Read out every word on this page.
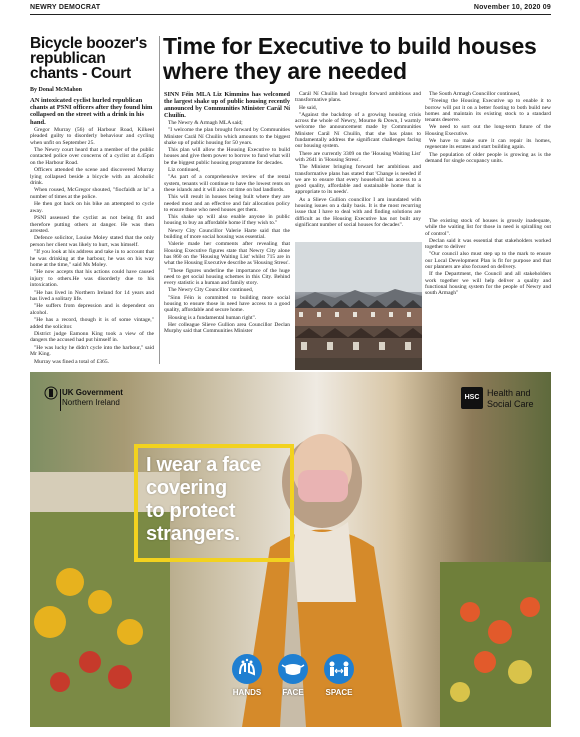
NEWRY DEMOCRAT	November 10, 2020 09
Bicycle boozer's republican chants - Court
By Donal McMahon

AN intoxicated cyclist hurled republican chants at PSNI officers after they found him collapsed on the street with a drink in his hand.

Gregor Murray (56) of Harbour Road, Kilkeel pleaded guilty to disorderly behaviour and cycling when unfit on September 25.

The Newry court heard that a member of the public contacted police over concerns of a cyclist at 4.45pm on the Harbour Road.

Officers attended the scene and discovered Murray lying collapsed beside a bicycle with an alcoholic drink.

When roused, McGregor shouted, "fiocfaidh ar la" a number of times at the police.

He then got back on his bike an attempted to cycle away.

PSNI assessed the cyclist as not being fit and therefore putting others at danger. He was then arrested.

Defence solicitor, Louise Moley stated that the only person her client was likely to hurt, was himself.

"If you look at his address and take in to account that he was drinking at the harbour, he was on his way home at the time," said Ms Moley.

"He now accepts that his actions could have caused injury to others.He was disorderly due to his intoxication.

"He has lived in Northern Ireland for 14 years and has lived a solitary life.

"He suffers from depression and is dependent on alcohol.

"He has a record, though it is of some vintage," added the solicitor.

District judge Eamonn King took a view of the dangers the accused had put himself in.

"He was lucky he didn't cycle into the harbour," said Mr King.

Murray was fined a total of £365.

Time for Executive to build houses where they are needed

SINN Féin MLA Liz Kimmins has welcomed the largest shake up of public housing recently announced by Communities Minister Carál Ní Chuilín.

The Newry & Armagh MLA said;

"I welcome the plan brought forward by Communities Minister Carál Ní Chuilín which amounts to the biggest shake up of public housing for 50 years.

This plan will allow the Housing Executive to build houses and give them power to borrow to fund what will be the biggest public housing programme for decades.

Liz continued,

"As part of a comprehensive review of the rental system, tenants will continue to have the lowest rents on these islands and it will also cut time on bad landlords.

This will result in houses being built where they are needed most and an effective and fair allocation policy to ensure those who need houses get them.

This shake up will also enable anyone in public housing to buy an affordable home if they wish to."

Newry City Councillor Valerie Harte said that the building of more social housing was essential.

Valerie made her comments after revealing that Housing Executive figures state that Newry City alone has 860 on the 'Housing Waiting List' whilst 715 are in what the Housing Executive describe as 'Housing Stress'.

"These figures underline the importance of the huge need to get social housing schemes in this City. Behind every statistic is a human and family story.

The Newry City Councillor continued,

"Sinn Féin is committed to building more social housing to ensure those in need have access to a good quality, affordable and secure home.

Housing is a fundamental human right".

Her colleague Slieve Gullion area Councillor Declan Murphy said that Communities Minister

Carál Ní Chuilín had brought forward ambitious and transformative plans.

He said,

"Against the backdrop of a growing housing crisis across the whole of Newry, Mourne & Down, I warmly welcome the announcement made by Communities Minister Carál Ní Chuilín, that she has plans to fundamentally address the significant challenges facing our housing system.

There are currently 3309 on the 'Housing Waiting List' with 2641 in 'Housing Stress'.

The Minister bringing forward her ambitious and transformative plans has stated that 'Change is needed if we are to ensure that every household has access to a good quality, affordable and sustainable home that is appropriate to its needs'.

As a Slieve Gullion councillor I am inundated with housing issues on a daily basis. It is the most recurring issue that I have to deal with and finding solutions are difficult as the Housing Executive has not built any significant number of social houses for decades".

The South Armagh Councillor continued,

"Freeing the Housing Executive up to enable it to borrow will put it on a better footing to both build new homes and maintain its existing stock to a standard tenants deserve.

We need to sort out the long-term future of the Housing Executive.

We have to make sure it can repair its homes, regenerate its estates and start building again.

The population of older people is growing as is the demand for single occupancy units.

The existing stock of houses is grossly inadequate, while the waiting list for those in need is spiralling out of control".

Declan said it was essential that stakeholders worked together to deliver

"Our council also must step up to the mark to ensure our Local Development Plan is fit for purpose and that our planners are also focused on delivery.

If the Department, the Council and all stakeholders work together we will help deliver a quality and functional housing system for the people of Newry and south Armagh"

UK Government
Northern Ireland
HSC Health and
Social Care
I wear a face
covering
to protect
strangers.
HANDS	FACE	SPACE
